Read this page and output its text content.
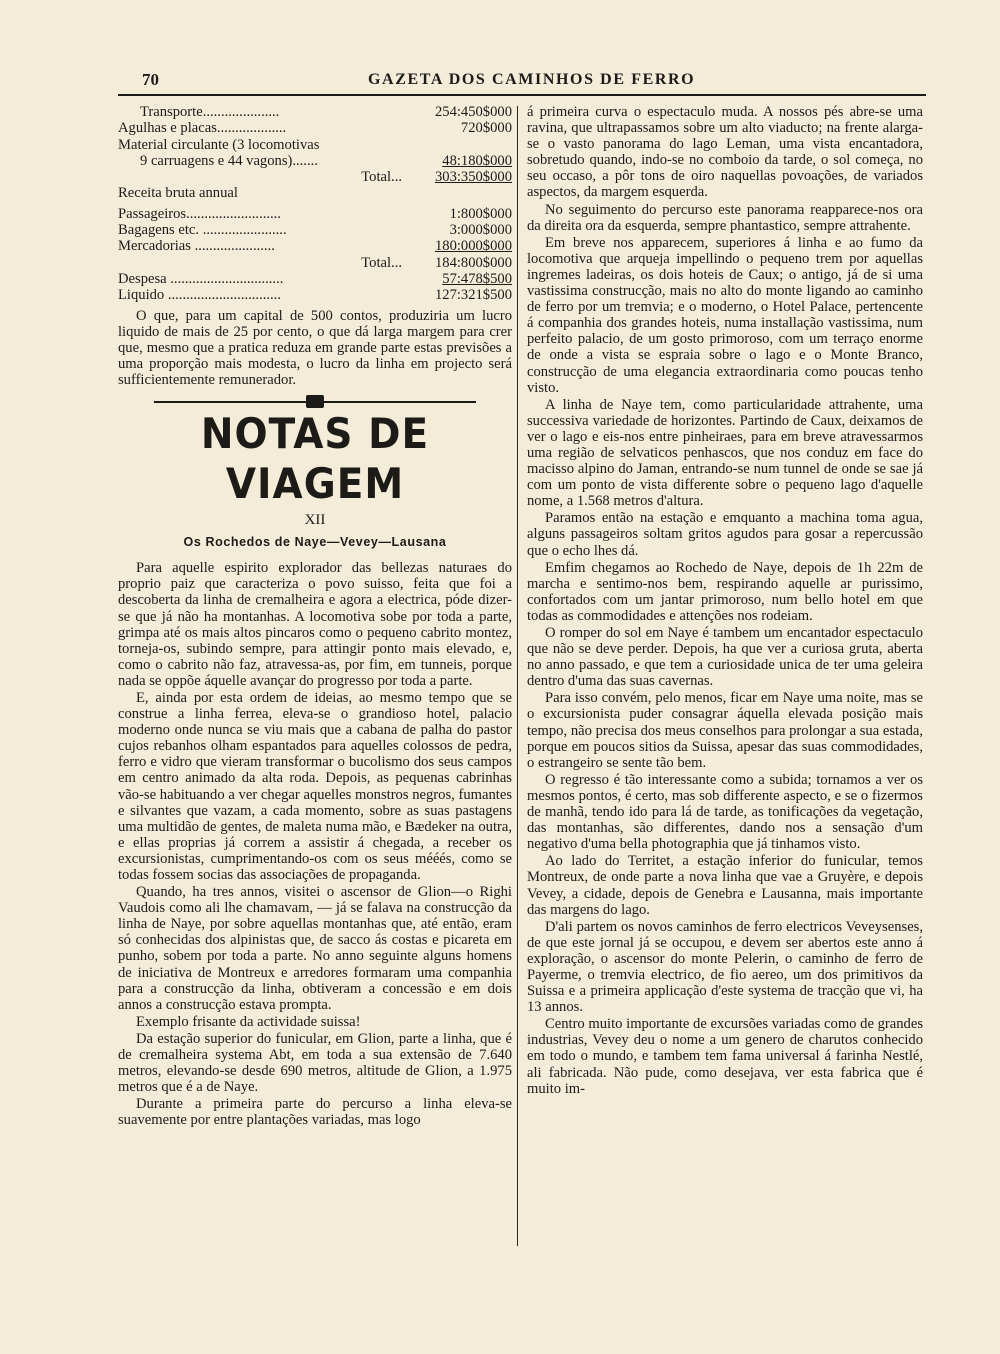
70	GAZETA DOS CAMINHOS DE FERRO
Transporte.....................	254:450$000
Agulhas e placas...................	720$000
Material circulante (3 locomotivas
9 carruagens e 44 vagons).......	48:180$000
Total...	303:350$000
Receita bruta annual
Passageiros..........................	1:800$000
Bagagens etc. .......................	3:000$000
Mercadorias ......................	180:000$000
Total...	184:800$000
Despesa ...............................	57:478$500
Liquido ...............................	127:321$500

O que, para um capital de 500 contos, produziria um lucro liquido de mais de 25 por cento, o que dá larga margem para crer que, mesmo que a pratica reduza em grande parte estas previsões a uma proporção mais modesta, o lucro da linha em projecto será sufficientemente remunerador.

NOTAS DE VIAGEM
XII
Os Rochedos de Naye—Vevey—Lausana

Para aquelle espirito explorador das bellezas naturaes do proprio paiz que caracteriza o povo suisso, feita que foi a descoberta da linha de cremalheira e agora a electrica, póde dizer-se que já não ha montanhas. A locomotiva sobe por toda a parte, grimpa até os mais altos pincaros como o pequeno cabrito montez, torneja-os, subindo sempre, para attingir ponto mais elevado, e, como o cabrito não faz, atravessa-as, por fim, em tunneis, porque nada se oppõe áquelle avançar do progresso por toda a parte.

E, ainda por esta ordem de ideias, ao mesmo tempo que se construe a linha ferrea, eleva-se o grandioso hotel, palacio moderno onde nunca se viu mais que a cabana de palha do pastor cujos rebanhos olham espantados para aquelles colossos de pedra, ferro e vidro que vieram transformar o bucolismo dos seus campos em centro animado da alta roda. Depois, as pequenas cabrinhas vão-se habituando a ver chegar aquelles monstros negros, fumantes e silvantes que vazam, a cada momento, sobre as suas pastagens uma multidão de gentes, de maleta numa mão, e Bædeker na outra, e ellas proprias já correm a assistir á chegada, a receber os excursionistas, cumprimentando-os com os seus mééés, como se todas fossem socias das associações de propaganda.

Quando, ha tres annos, visitei o ascensor de Glion—o Righi Vaudois como ali lhe chamavam, — já se falava na construcção da linha de Naye, por sobre aquellas montanhas que, até então, eram só conhecidas dos alpinistas que, de sacco ás costas e picareta em punho, sobem por toda a parte. No anno seguinte alguns homens de iniciativa de Montreux e arredores formaram uma companhia para a construcção da linha, obtiveram a concessão e em dois annos a construcção estava prompta.

Exemplo frisante da actividade suissa!

Da estação superior do funicular, em Glion, parte a linha, que é de cremalheira systema Abt, em toda a sua extensão de 7.640 metros, elevando-se desde 690 metros, altitude de Glion, a 1.975 metros que é a de Naye.

Durante a primeira parte do percurso a linha eleva-se suavemente por entre plantações variadas, mas logo

á primeira curva o espectaculo muda. A nossos pés abre-se uma ravina, que ultrapassamos sobre um alto viaducto; na frente alarga-se o vasto panorama do lago Leman, uma vista encantadora, sobretudo quando, indo-se no comboio da tarde, o sol começa, no seu occaso, a pôr tons de oiro naquellas povoações, de variados aspectos, da margem esquerda.

No seguimento do percurso este panorama reapparece-nos ora da direita ora da esquerda, sempre phantastico, sempre attrahente.

Em breve nos apparecem, superiores á linha e ao fumo da locomotiva que arqueja impellindo o pequeno trem por aquellas ingremes ladeiras, os dois hoteis de Caux; o antigo, já de si uma vastissima construcção, mais no alto do monte ligando ao caminho de ferro por um tremvia; e o moderno, o Hotel Palace, pertencente á companhia dos grandes hoteis, numa installação vastissima, num perfeito palacio, de um gosto primoroso, com um terraço enorme de onde a vista se espraia sobre o lago e o Monte Branco, construcção de uma elegancia extraordinaria como poucas tenho visto.

A linha de Naye tem, como particularidade attrahente, uma successiva variedade de horizontes. Partindo de Caux, deixamos de ver o lago e eis-nos entre pinheiraes, para em breve atravessarmos uma região de selvaticos penhascos, que nos conduz em face do macisso alpino do Jaman, entrando-se num tunnel de onde se sae já com um ponto de vista differente sobre o pequeno lago d'aquelle nome, a 1.568 metros d'altura.

Paramos então na estação e emquanto a machina toma agua, alguns passageiros soltam gritos agudos para gosar a repercussão que o echo lhes dá.

Emfim chegamos ao Rochedo de Naye, depois de 1h 22m de marcha e sentimo-nos bem, respirando aquelle ar purissimo, confortados com um jantar primoroso, num bello hotel em que todas as commodidades e attenções nos rodeiam.

O romper do sol em Naye é tambem um encantador espectaculo que não se deve perder. Depois, ha que ver a curiosa gruta, aberta no anno passado, e que tem a curiosidade unica de ter uma geleira dentro d'uma das suas cavernas.

Para isso convém, pelo menos, ficar em Naye uma noite, mas se o excursionista puder consagrar áquella elevada posição mais tempo, não precisa dos meus conselhos para prolongar a sua estada, porque em poucos sitios da Suissa, apesar das suas commodidades, o estrangeiro se sente tão bem.

O regresso é tão interessante como a subida; tornamos a ver os mesmos pontos, é certo, mas sob differente aspecto, e se o fizermos de manhã, tendo ido para lá de tarde, as tonificações da vegetação, das montanhas, são differentes, dando nos a sensação d'um negativo d'uma bella photographia que já tinhamos visto.

Ao lado do Territet, a estação inferior do funicular, temos Montreux, de onde parte a nova linha que vae a Gruyère, e depois Vevey, a cidade, depois de Genebra e Lausanna, mais importante das margens do lago.

D'ali partem os novos caminhos de ferro electricos Veveysenses, de que este jornal já se occupou, e devem ser abertos este anno á exploração, o ascensor do monte Pelerin, o caminho de ferro de Payerme, o tremvia electrico, de fio aereo, um dos primitivos da Suissa e a primeira applicação d'este systema de tracção que vi, ha 13 annos.

Centro muito importante de excursões variadas como de grandes industrias, Vevey deu o nome a um genero de charutos conhecido em todo o mundo, e tambem tem fama universal á farinha Nestlé, ali fabricada. Não pude, como desejava, ver esta fabrica que é muito im-
